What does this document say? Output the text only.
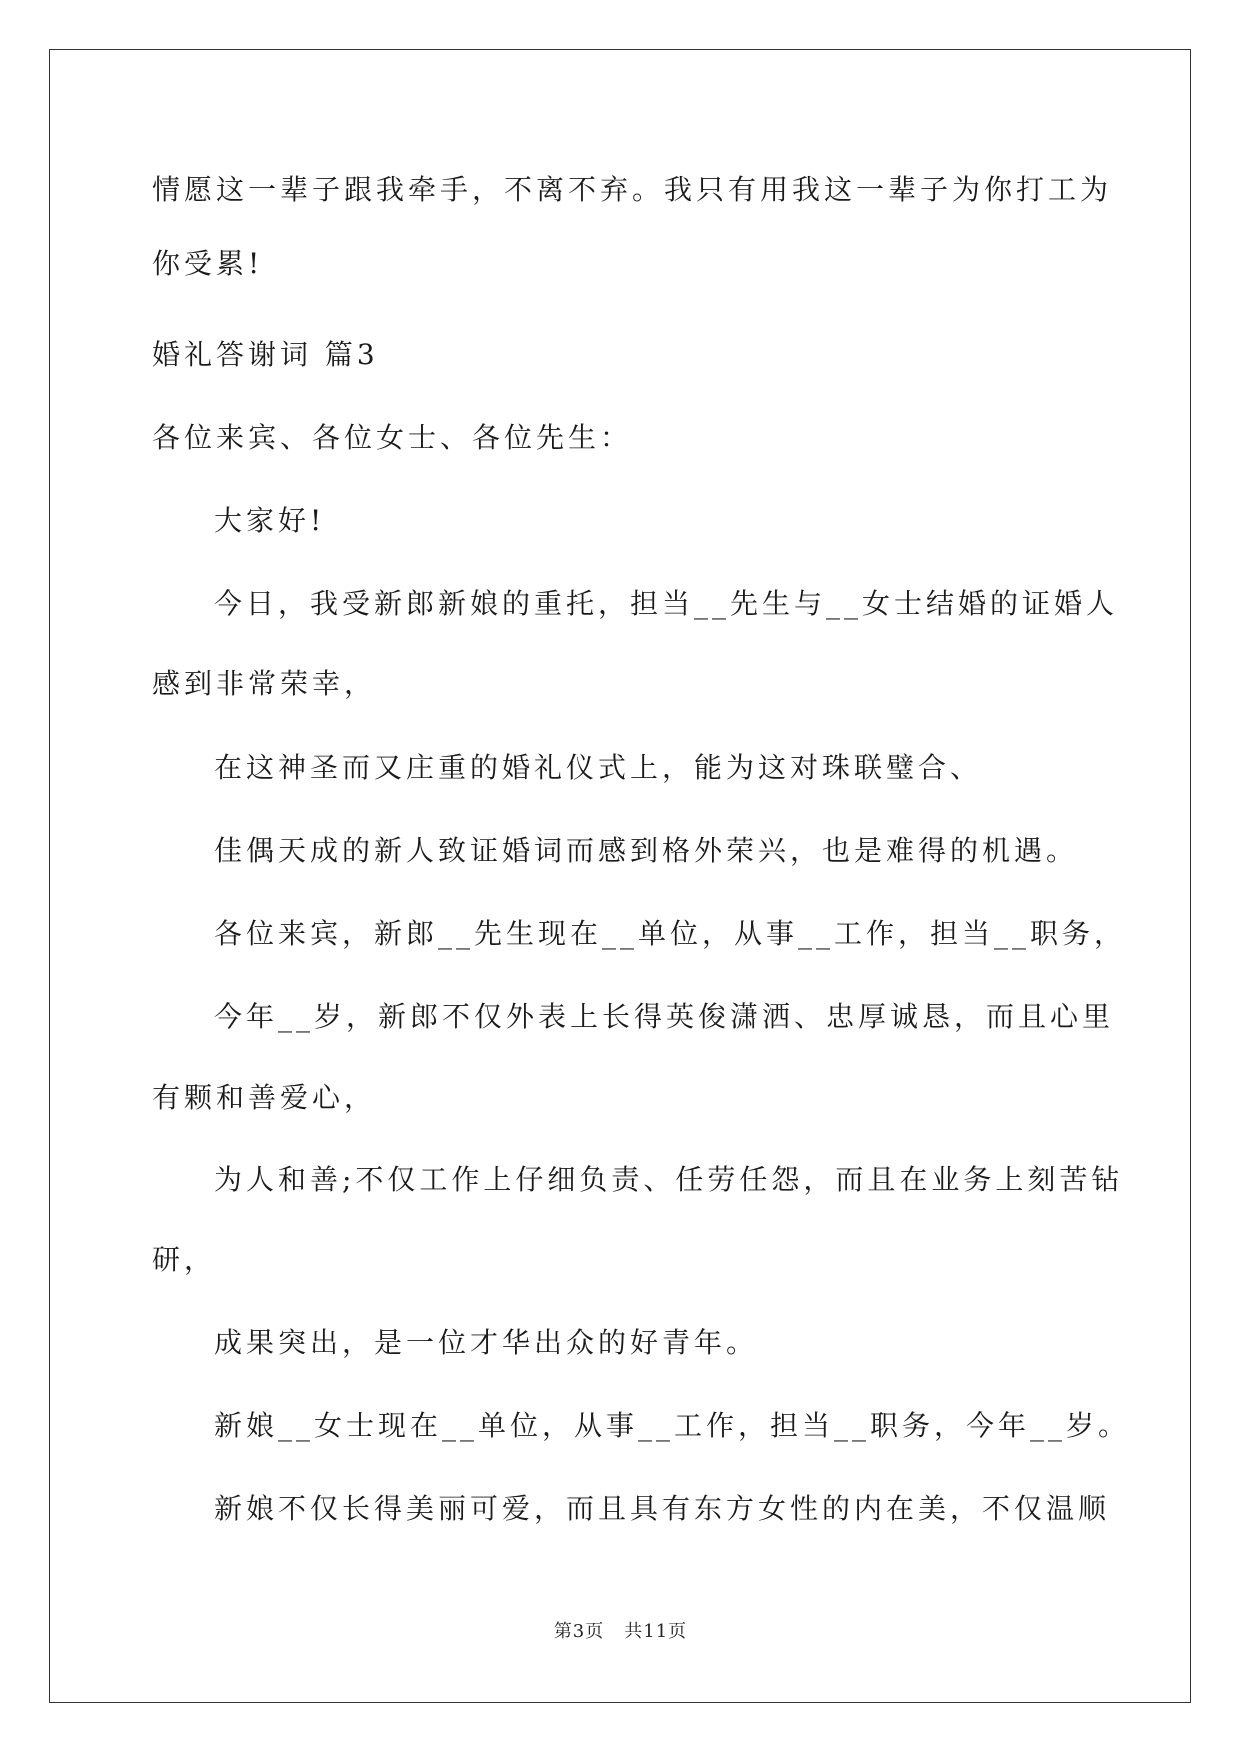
情愿这一辈子跟我牵手，不离不弃。我只有用我这一辈子为你打工为
你受累!
婚礼答谢词 篇3
各位来宾、各位女士、各位先生：
大家好!
今日，我受新郎新娘的重托，担当__先生与__女士结婚的证婚人
感到非常荣幸，
在这神圣而又庄重的婚礼仪式上，能为这对珠联璧合、
佳偶天成的新人致证婚词而感到格外荣兴，也是难得的机遇。
各位来宾，新郎__先生现在__单位，从事__工作，担当__职务，
今年__岁，新郎不仅外表上长得英俊潇洒、忠厚诚恳，而且心里
有颗和善爱心，
为人和善;不仅工作上仔细负责、任劳任怨，而且在业务上刻苦钻
研，
成果突出，是一位才华出众的好青年。
新娘__女士现在__单位，从事__工作，担当__职务，今年__岁。
新娘不仅长得美丽可爱，而且具有东方女性的内在美，不仅温顺
第3页 共11页
